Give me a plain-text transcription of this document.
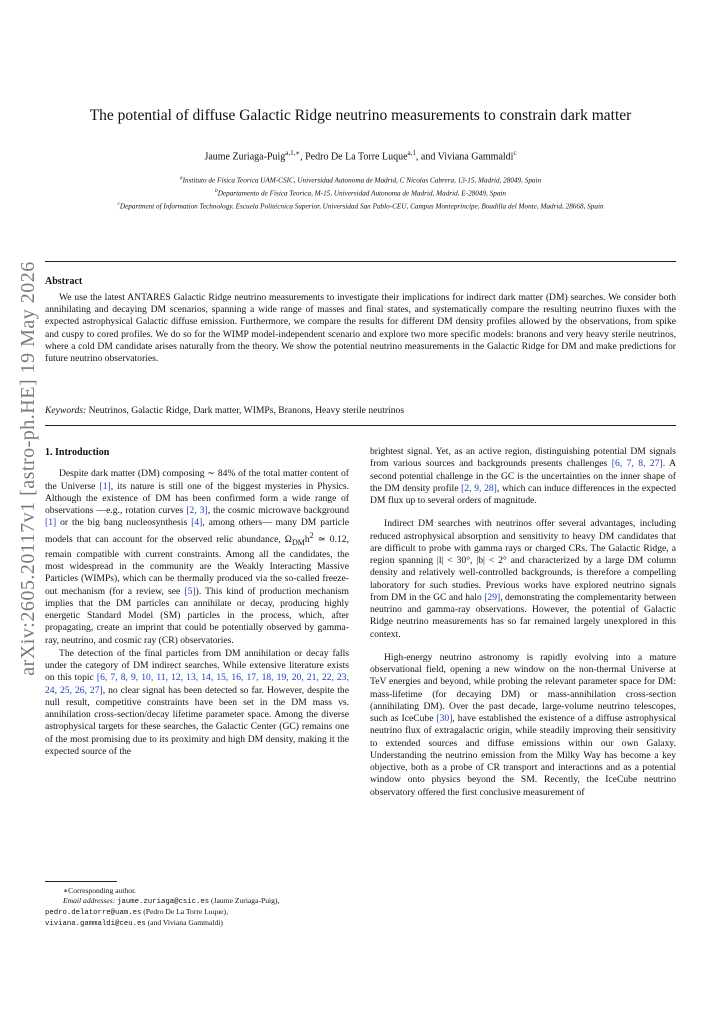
arXiv:2605.20117v1 [astro-ph.HE] 19 May 2026
The potential of diffuse Galactic Ridge neutrino measurements to constrain dark matter
Jaume Zuriaga-Puig$^{a,1,∗}$, Pedro De La Torre Luque$^{a,1}$, and Viviana Gammaldi$^c$
$^a$Instituto de Física Teorica UAM-CSIC, Universidad Autonoma de Madrid, C Nicolas Cabrera, 13-15, Madrid, 28049, Spain
$^b$Departamento de Física Teorica, M-15, Universidad Autonoma de Madrid, Madrid, E-28049, Spain
$^c$Department of Information Technology, Escuela Politécnica Superior, Universidad San Pablo-CEU, Campus Montepríncipe, Boadilla del Monte, Madrid, 28668, Spain
Abstract

We use the latest ANTARES Galactic Ridge neutrino measurements to investigate their implications for indirect dark matter (DM) searches. We consider both annihilating and decaying DM scenarios, spanning a wide range of masses and final states, and systematically compare the resulting neutrino fluxes with the expected astrophysical Galactic diffuse emission. Furthermore, we compare the results for different DM density profiles allowed by the observations, from spike and cuspy to cored profiles. We do so for the WIMP model-independent scenario and explore two more specific models: branons and very heavy sterile neutrinos, where a cold DM candidate arises naturally from the theory. We show the potential neutrino measurements in the Galactic Ridge for DM and make predictions for future neutrino observatories.

Keywords: Neutrinos, Galactic Ridge, Dark matter, WIMPs, Branons, Heavy sterile neutrinos
1. Introduction

Despite dark matter (DM) composing ∼ 84% of the total matter content of the Universe [1], its nature is still one of the biggest mysteries in Physics. Although the existence of DM has been confirmed form a wide range of observations —e.g., rotation curves [2, 3], the cosmic microwave background [1] or the big bang nucleosynthesis [4], among others— many DM particle models that can account for the observed relic abundance, $\Omega_{DM}h^2$ ≃ 0.12, remain compatible with current constraints. Among all the candidates, the most widespread in the community are the Weakly Interacting Massive Particles (WIMPs), which can be thermally produced via the so-called freeze-out mechanism (for a review, see [5]). This kind of production mechanism implies that the DM particles can annihilate or decay, producing highly energetic Standard Model (SM) particles in the process, which, after propagating, create an imprint that could be potentially observed by gamma-ray, neutrino, and cosmic ray (CR) observatories.

The detection of the final particles from DM annihilation or decay falls under the category of DM indirect searches. While extensive literature exists on this topic [6, 7, 8, 9, 10, 11, 12, 13, 14, 15, 16, 17, 18, 19, 20, 21, 22, 23, 24, 25, 26, 27], no clear signal has been detected so far. However, despite the null result, competitive constraints have been set in the DM mass vs. annihilation cross-section/decay lifetime parameter space. Among the diverse astrophysical targets for these searches, the Galactic Center (GC) remains one of the most promising due to its proximity and high DM density, making it the expected source of the

brightest signal. Yet, as an active region, distinguishing potential DM signals from various sources and backgrounds presents challenges [6, 7, 8, 27]. A second potential challenge in the GC is the uncertainties on the inner shape of the DM density profile [2, 9, 28], which can induce differences in the expected DM flux up to several orders of magnitude.

Indirect DM searches with neutrinos offer several advantages, including reduced astrophysical absorption and sensitivity to heavy DM candidates that are difficult to probe with gamma rays or charged CRs. The Galactic Ridge, a region spanning |l| < 30°, |b| < 2° and characterized by a large DM column density and relatively well-controlled backgrounds, is therefore a compelling laboratory for such studies. Previous works have explored neutrino signals from DM in the GC and halo [29], demonstrating the complementarity between neutrino and gamma-ray observations. However, the potential of Galactic Ridge neutrino measurements has so far remained largely unexplored in this context.

High-energy neutrino astronomy is rapidly evolving into a mature observational field, opening a new window on the non-thermal Universe at TeV energies and beyond, while probing the relevant parameter space for DM: mass-lifetime (for decaying DM) or mass-annihilation cross-section (annihilating DM). Over the past decade, large-volume neutrino telescopes, such as IceCube [30], have established the existence of a diffuse astrophysical neutrino flux of extragalactic origin, while steadily improving their sensitivity to extended sources and diffuse emissions within our own Galaxy. Understanding the neutrino emission from the Milky Way has become a key objective, both as a probe of CR transport and interactions and as a potential window onto physics beyond the SM. Recently, the IceCube neutrino observatory offered the first conclusive measurement of

∗Corresponding author.

Email addresses: jaume.zuriaga@csic.es (Jaume Zuriaga-Puig),
pedro.delatorre@uam.es (Pedro De La Torre Luque),
viviana.gammaldi@ceu.es (and Viviana Gammaldi)
